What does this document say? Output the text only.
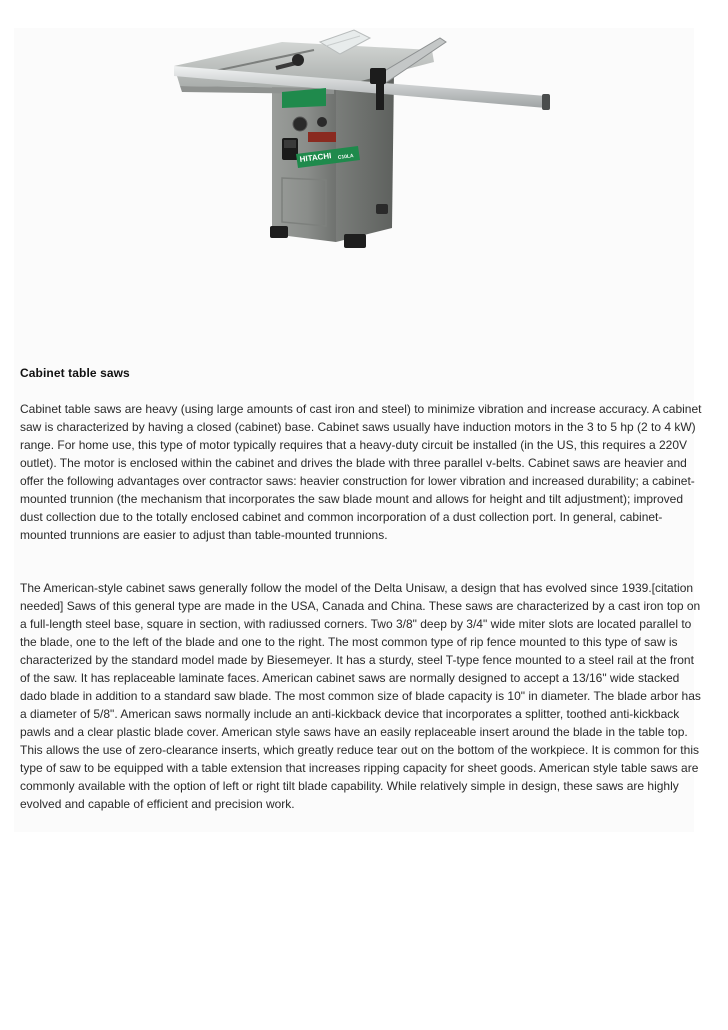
HITACHI C10LA
Cabinet table saws

Cabinet table saws are heavy (using large amounts of cast iron and steel) to minimize vibration and increase accuracy. A cabinet saw is characterized by having a closed (cabinet) base. Cabinet saws usually have induction motors in the 3 to 5 hp (2 to 4 kW) range. For home use, this type of motor typically requires that a heavy-duty circuit be installed (in the US, this requires a 220V outlet). The motor is enclosed within the cabinet and drives the blade with three parallel v-belts. Cabinet saws are heavier and offer the following advantages over contractor saws: heavier construction for lower vibration and increased durability; a cabinet-mounted trunnion (the mechanism that incorporates the saw blade mount and allows for height and tilt adjustment); improved dust collection due to the totally enclosed cabinet and common incorporation of a dust collection port. In general, cabinet-mounted trunnions are easier to adjust than table-mounted trunnions.

The American-style cabinet saws generally follow the model of the Delta Unisaw, a design that has evolved since 1939.[citation needed] Saws of this general type are made in the USA, Canada and China. These saws are characterized by a cast iron top on a full-length steel base, square in section, with radiussed corners. Two 3/8" deep by 3/4" wide miter slots are located parallel to the blade, one to the left of the blade and one to the right. The most common type of rip fence mounted to this type of saw is characterized by the standard model made by Biesemeyer. It has a sturdy, steel T-type fence mounted to a steel rail at the front of the saw. It has replaceable laminate faces. American cabinet saws are normally designed to accept a 13/16" wide stacked dado blade in addition to a standard saw blade. The most common size of blade capacity is 10" in diameter. The blade arbor has a diameter of 5/8". American saws normally include an anti-kickback device that incorporates a splitter, toothed anti-kickback pawls and a clear plastic blade cover. American style saws have an easily replaceable insert around the blade in the table top. This allows the use of zero-clearance inserts, which greatly reduce tear out on the bottom of the workpiece. It is common for this type of saw to be equipped with a table extension that increases ripping capacity for sheet goods. American style table saws are commonly available with the option of left or right tilt blade capability. While relatively simple in design, these saws are highly evolved and capable of efficient and precision work.
